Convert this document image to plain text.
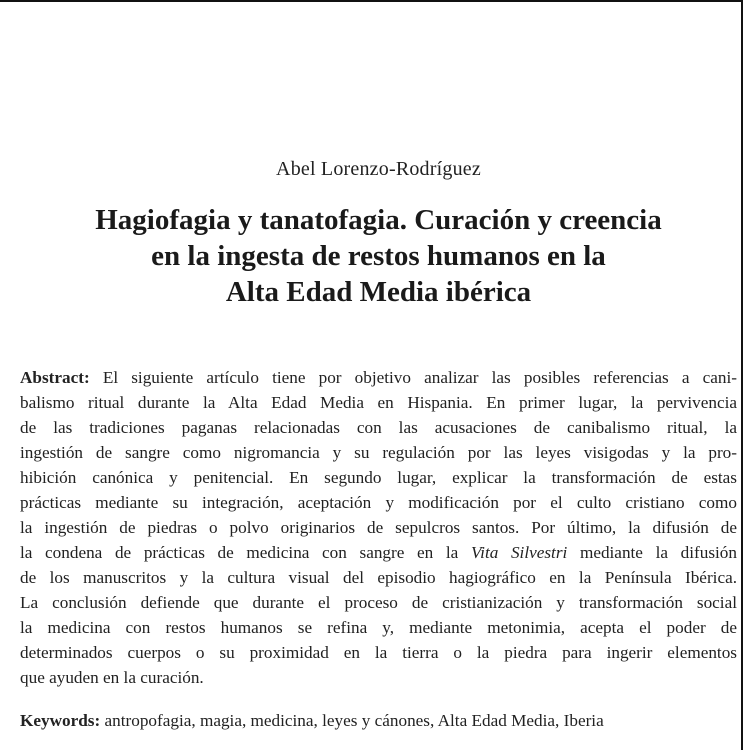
Abel Lorenzo-Rodríguez
Hagiofagia y tanatofagia. Curación y creencia
en la ingesta de restos humanos en la
Alta Edad Media ibérica
Abstract: El siguiente artículo tiene por objetivo analizar las posibles referencias a cani-
balismo ritual durante la Alta Edad Media en Hispania. En primer lugar, la pervivencia
de las tradiciones paganas relacionadas con las acusaciones de canibalismo ritual, la
ingestión de sangre como nigromancia y su regulación por las leyes visigodas y la pro-
hibición canónica y penitencial. En segundo lugar, explicar la transformación de estas
prácticas mediante su integración, aceptación y modificación por el culto cristiano como
la ingestión de piedras o polvo originarios de sepulcros santos. Por último, la difusión de
la condena de prácticas de medicina con sangre en la Vita Silvestri mediante la difusión
de los manuscritos y la cultura visual del episodio hagiográfico en la Península Ibérica.
La conclusión defiende que durante el proceso de cristianización y transformación social
la medicina con restos humanos se refina y, mediante metonimia, acepta el poder de
determinados cuerpos o su proximidad en la tierra o la piedra para ingerir elementos
que ayuden en la curación.
Keywords: antropofagia, magia, medicina, leyes y cánones, Alta Edad Media, Iberia
